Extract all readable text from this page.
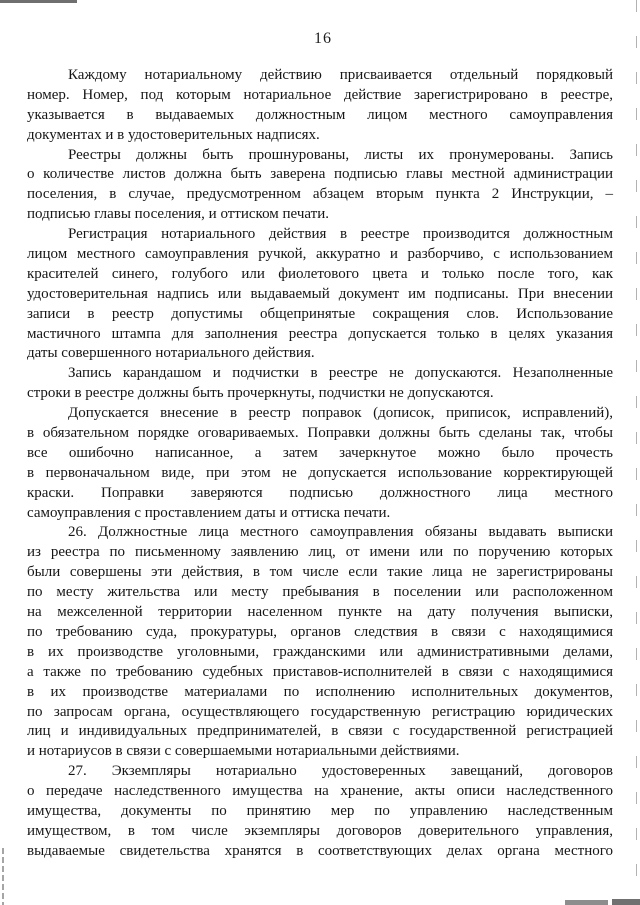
16
Каждому нотариальному действию присваивается отдельный порядковый
номер. Номер, под которым нотариальное действие зарегистрировано в реестре,
указывается в выдаваемых должностным лицом местного самоуправления
документах и в удостоверительных надписях.
Реестры должны быть прошнурованы, листы их пронумерованы. Запись
о количестве листов должна быть заверена подписью главы местной администрации
поселения, в случае, предусмотренном абзацем вторым пункта 2 Инструкции, –
подписью главы поселения, и оттиском печати.
Регистрация нотариального действия в реестре производится должностным
лицом местного самоуправления ручкой, аккуратно и разборчиво, с использованием
красителей синего, голубого или фиолетового цвета и только после того, как
удостоверительная надпись или выдаваемый документ им подписаны. При внесении
записи в реестр допустимы общепринятые сокращения слов. Использование
мастичного штампа для заполнения реестра допускается только в целях указания
даты совершенного нотариального действия.
Запись карандашом и подчистки в реестре не допускаются. Незаполненные
строки в реестре должны быть прочеркнуты, подчистки не допускаются.
Допускается внесение в реестр поправок (дописок, приписок, исправлений),
в обязательном порядке оговариваемых. Поправки должны быть сделаны так, чтобы
все ошибочно написанное, а затем зачеркнутое можно было прочесть
в первоначальном виде, при этом не допускается использование корректирующей
краски. Поправки заверяются подписью должностного лица местного
самоуправления с проставлением даты и оттиска печати.
26. Должностные лица местного самоуправления обязаны выдавать выписки
из реестра по письменному заявлению лиц, от имени или по поручению которых
были совершены эти действия, в том числе если такие лица не зарегистрированы
по месту жительства или месту пребывания в поселении или расположенном
на межселенной территории населенном пункте на дату получения выписки,
по требованию суда, прокуратуры, органов следствия в связи с находящимися
в их производстве уголовными, гражданскими или административными делами,
а также по требованию судебных приставов-исполнителей в связи с находящимися
в их производстве материалами по исполнению исполнительных документов,
по запросам органа, осуществляющего государственную регистрацию юридических
лиц и индивидуальных предпринимателей, в связи с государственной регистрацией
и нотариусов в связи с совершаемыми нотариальными действиями.
27. Экземпляры нотариально удостоверенных завещаний, договоров
о передаче наследственного имущества на хранение, акты описи наследственного
имущества, документы по принятию мер по управлению наследственным
имуществом, в том числе экземпляры договоров доверительного управления,
выдаваемые свидетельства хранятся в соответствующих делах органа местного
